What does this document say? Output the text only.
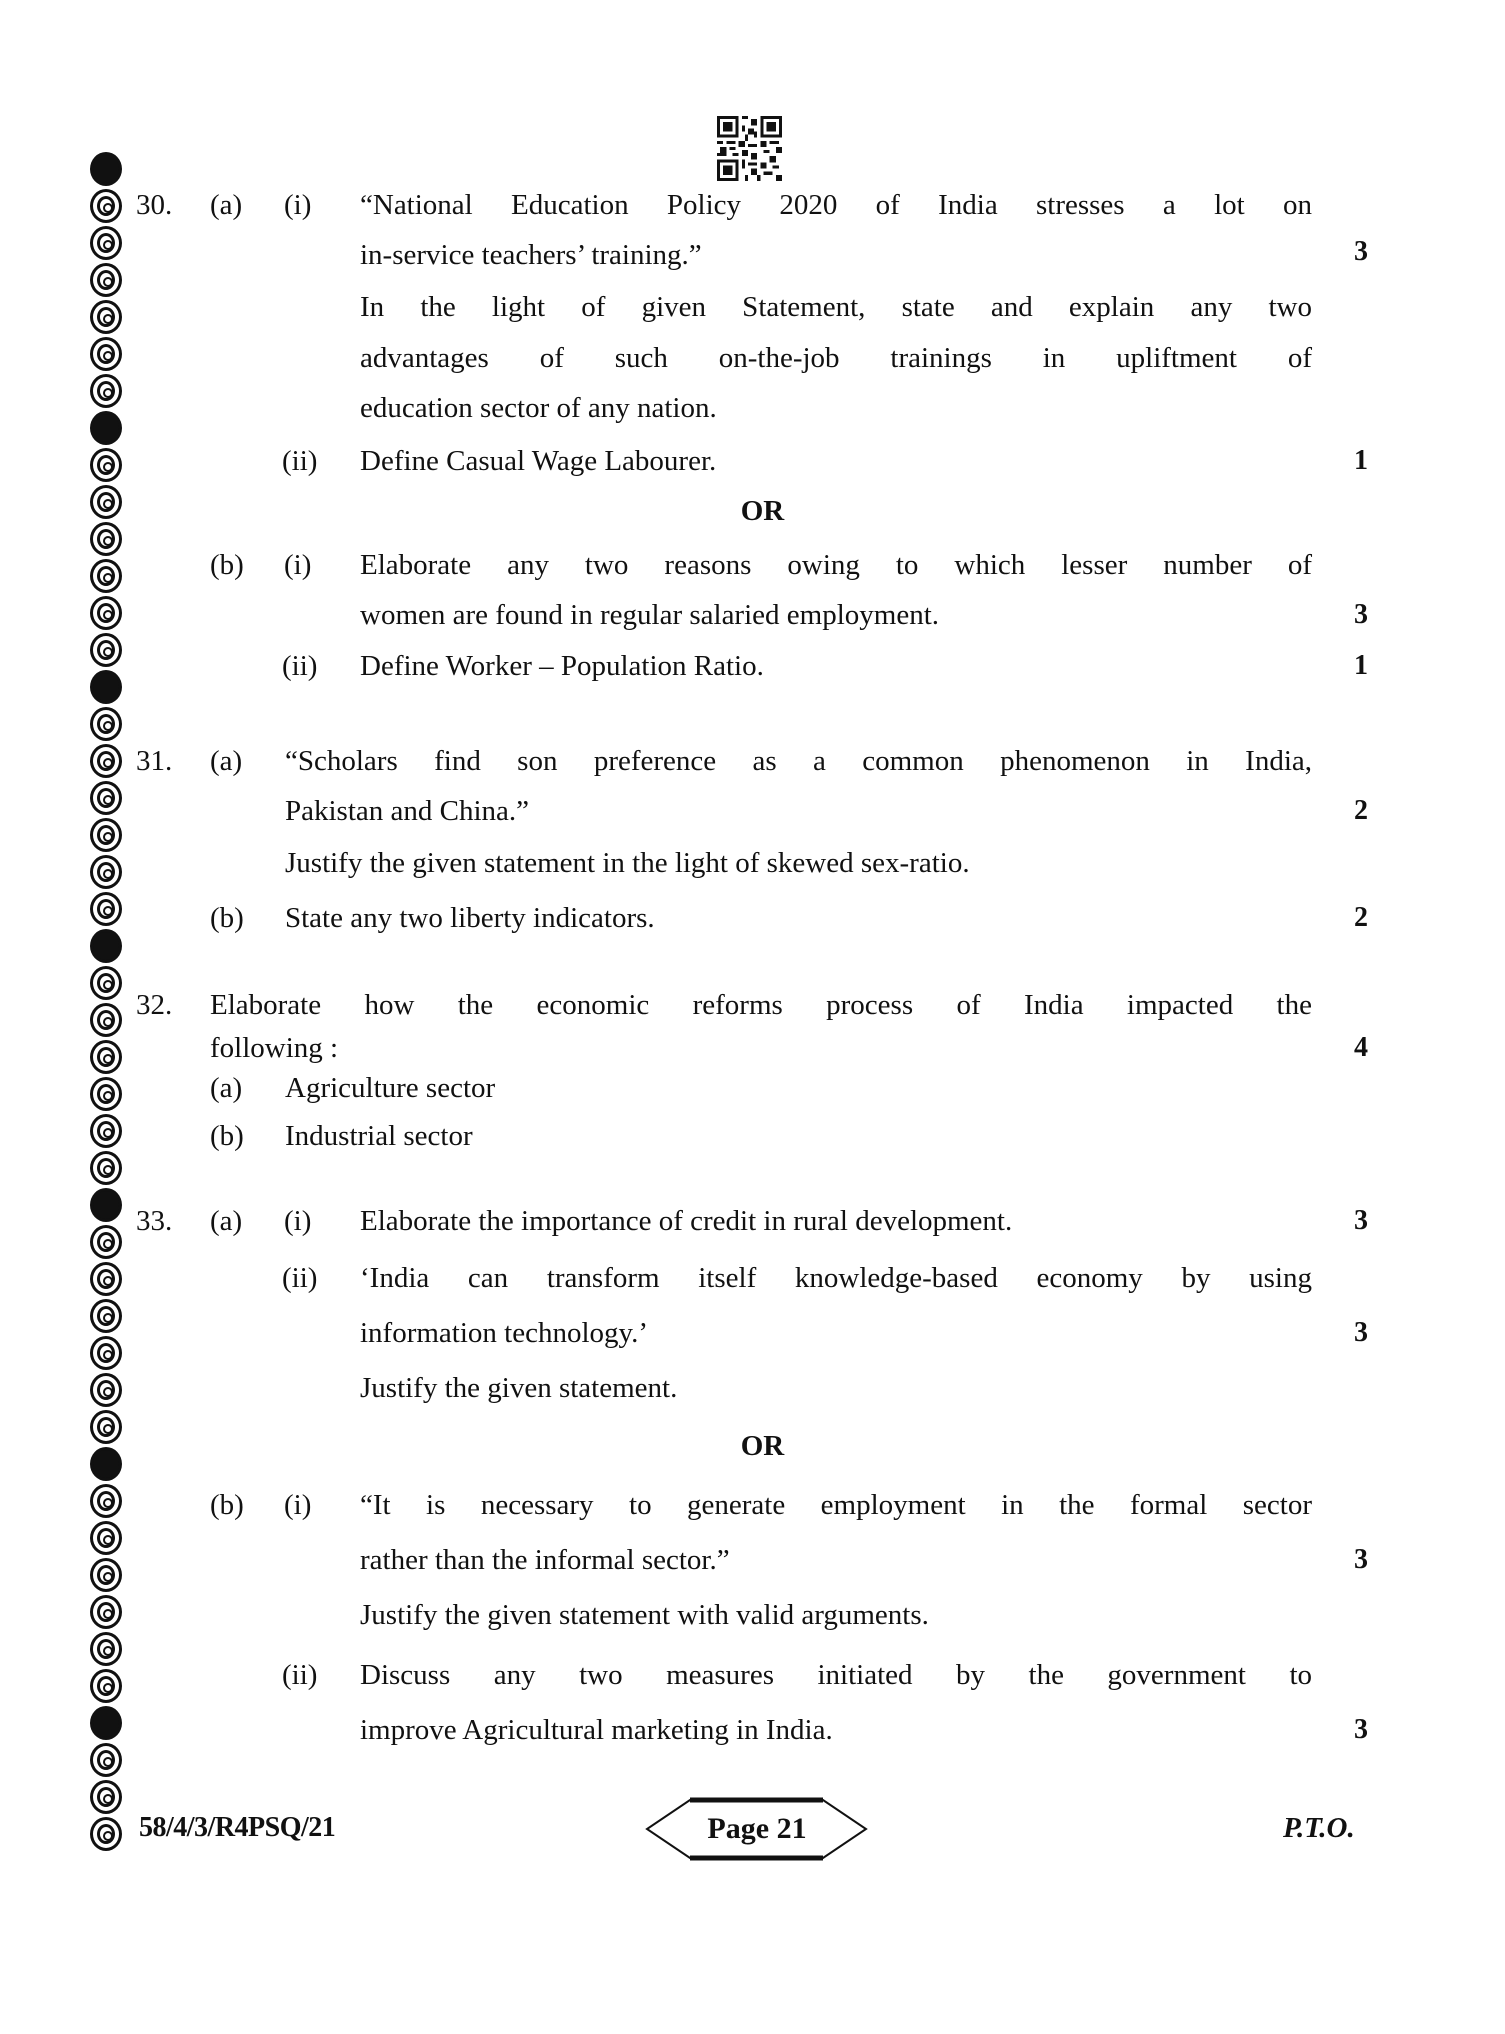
30. (a) (i) “National Education Policy 2020 of India stresses a lot on
in-service teachers’ training.”	3
In the light of given Statement, state and explain any two
advantages of such on-the-job trainings in upliftment of
education sector of any nation.
(ii) Define Casual Wage Labourer.	1
OR
(b) (i) Elaborate any two reasons owing to which lesser number of
women are found in regular salaried employment.	3
(ii) Define Worker – Population Ratio.	1
31. (a) “Scholars find son preference as a common phenomenon in India,
Pakistan and China.”	2
Justify the given statement in the light of skewed sex-ratio.
(b) State any two liberty indicators.	2
32. Elaborate how the economic reforms process of India impacted the
following :	4
(a) Agriculture sector
(b) Industrial sector
33. (a) (i) Elaborate the importance of credit in rural development.	3
(ii) ‘India can transform itself knowledge-based economy by using
information technology.’	3
Justify the given statement.
OR
(b) (i) “It is necessary to generate employment in the formal sector
rather than the informal sector.”	3
Justify the given statement with valid arguments.
(ii) Discuss any two measures initiated by the government to
improve Agricultural marketing in India.	3
58/4/3/R4PSQ/21	Page 21	P.T.O.
